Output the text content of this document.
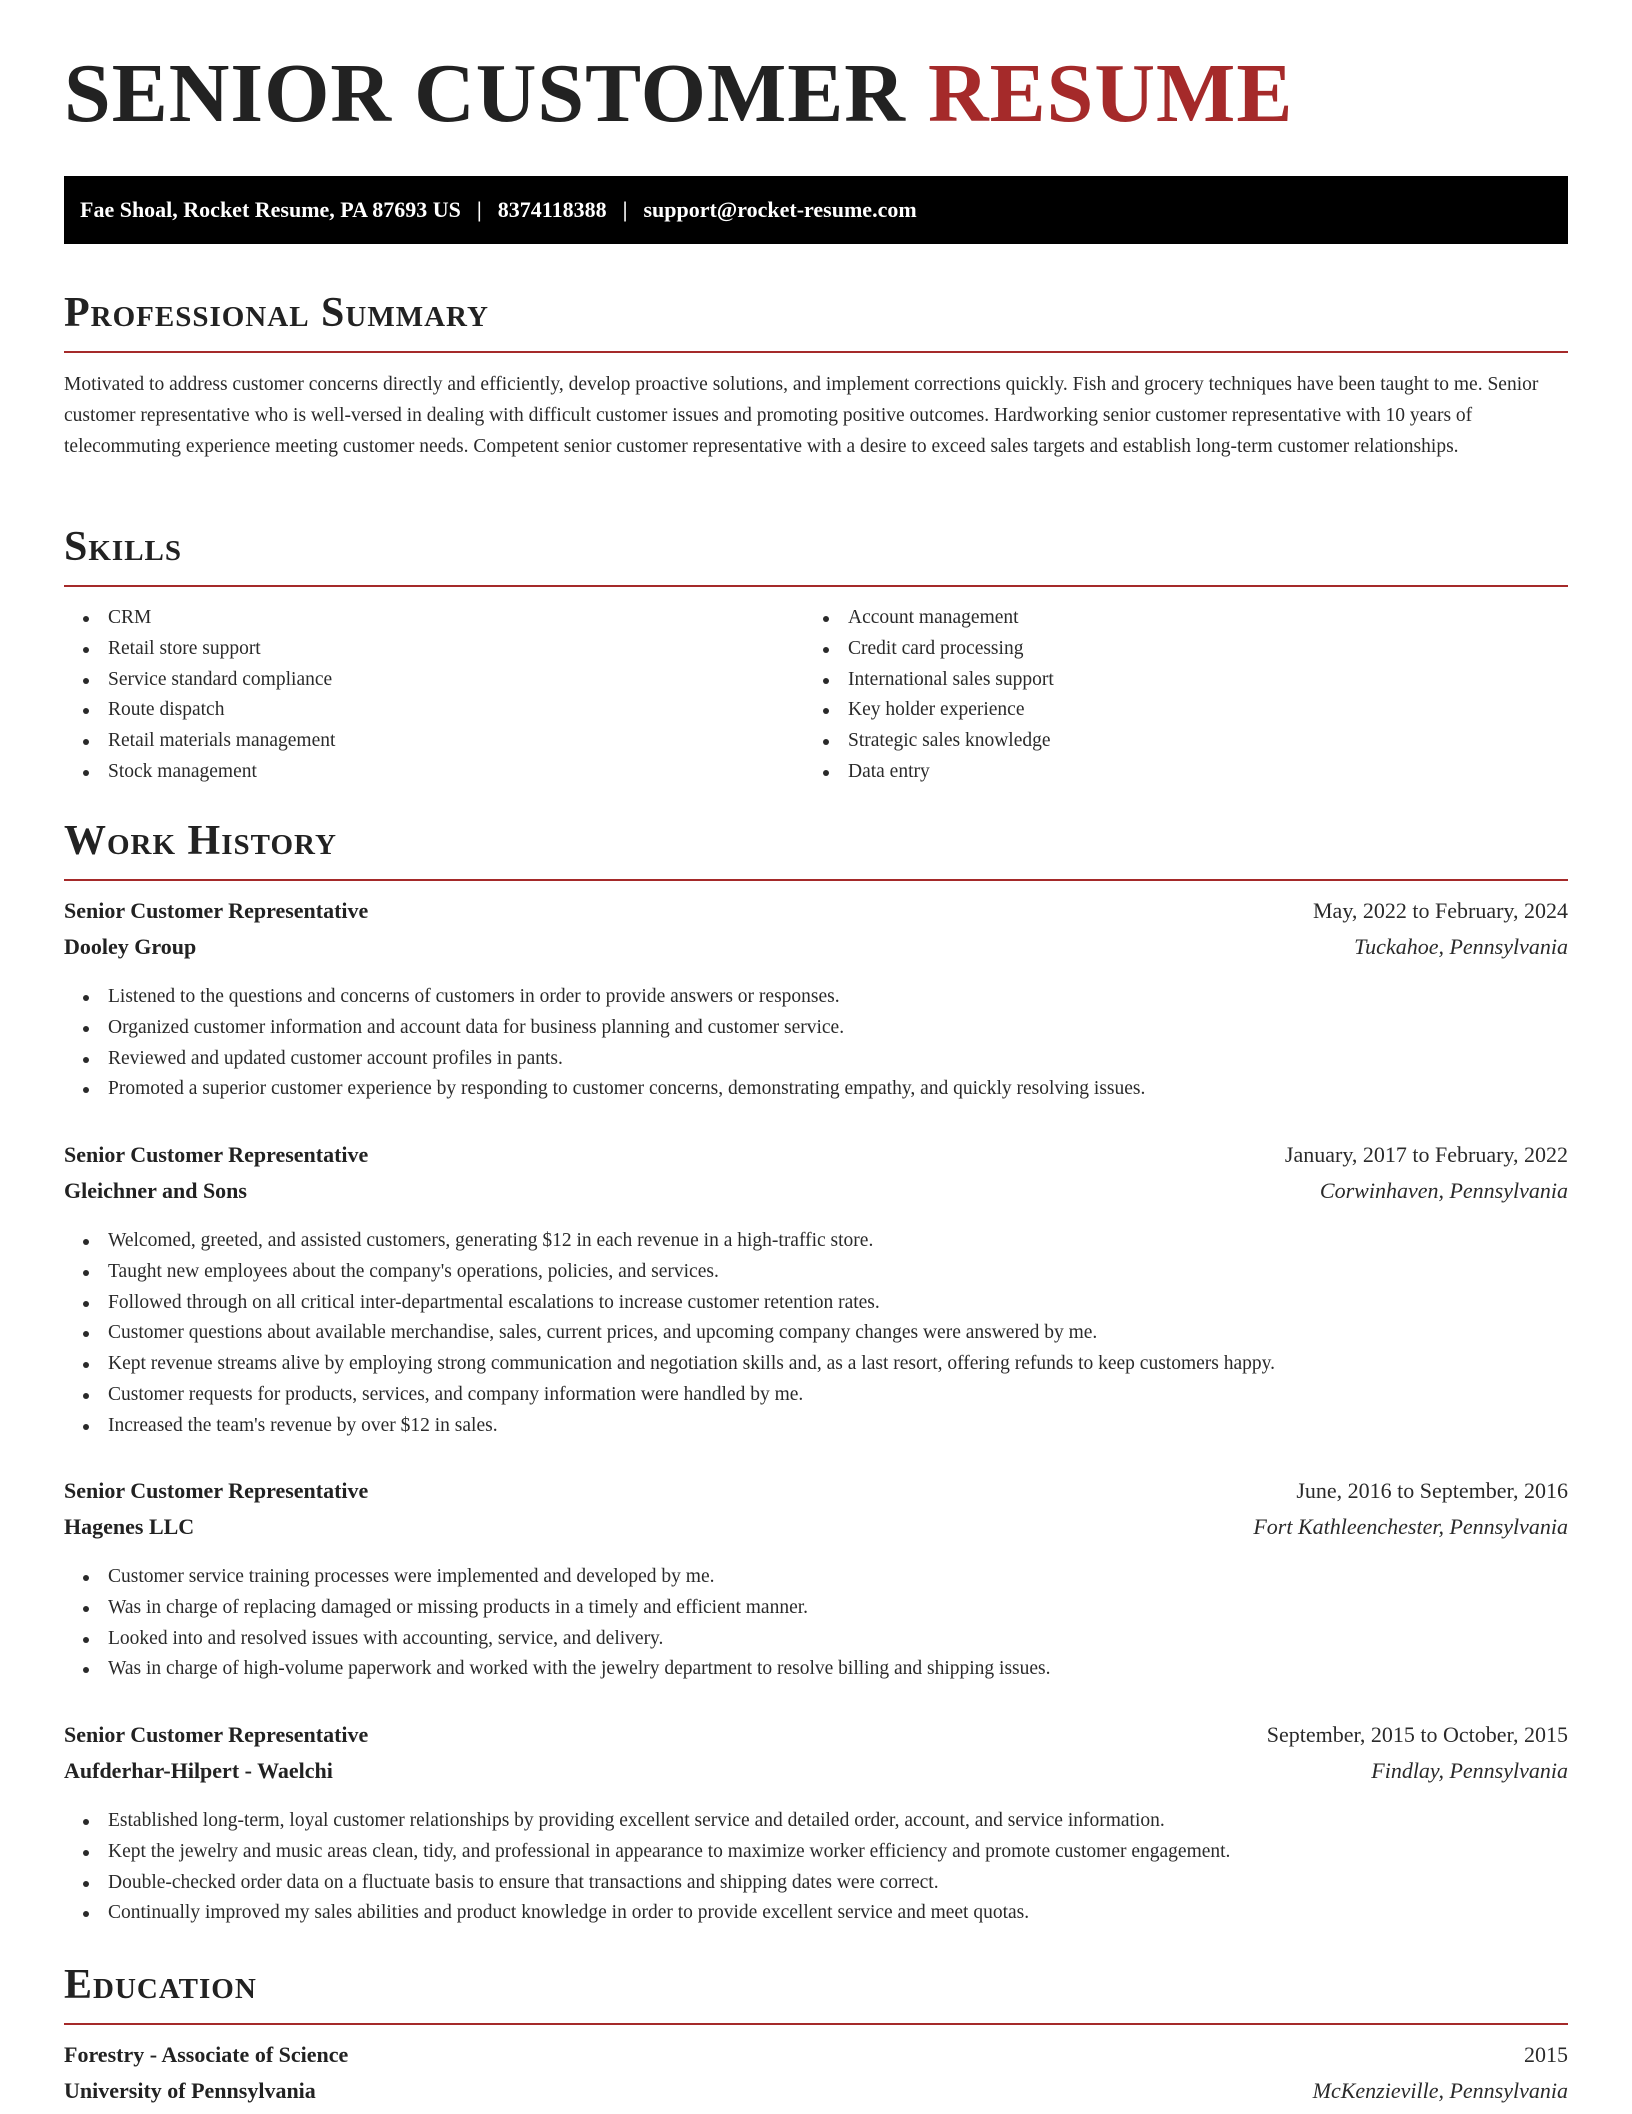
SENIOR CUSTOMER RESUME
Fae Shoal, Rocket Resume, PA 87693 US | 8374118388 | support@rocket-resume.com
Professional Summary

Motivated to address customer concerns directly and efficiently, develop proactive solutions, and implement corrections quickly. Fish and grocery techniques have been taught to me. Senior customer representative who is well-versed in dealing with difficult customer issues and promoting positive outcomes. Hardworking senior customer representative with 10 years of telecommuting experience meeting customer needs. Competent senior customer representative with a desire to exceed sales targets and establish long-term customer relationships.

Skills
CRM
Retail store support
Service standard compliance
Route dispatch
Retail materials management
Stock management
Account management
Credit card processing
International sales support
Key holder experience
Strategic sales knowledge
Data entry
Work History
Senior Customer Representative	May, 2022 to February, 2024
Dooley Group	Tuckahoe, Pennsylvania
Listened to the questions and concerns of customers in order to provide answers or responses.
Organized customer information and account data for business planning and customer service.
Reviewed and updated customer account profiles in pants.
Promoted a superior customer experience by responding to customer concerns, demonstrating empathy, and quickly resolving issues.
Senior Customer Representative	January, 2017 to February, 2022
Gleichner and Sons	Corwinhaven, Pennsylvania
Welcomed, greeted, and assisted customers, generating $12 in each revenue in a high-traffic store.
Taught new employees about the company's operations, policies, and services.
Followed through on all critical inter-departmental escalations to increase customer retention rates.
Customer questions about available merchandise, sales, current prices, and upcoming company changes were answered by me.
Kept revenue streams alive by employing strong communication and negotiation skills and, as a last resort, offering refunds to keep customers happy.
Customer requests for products, services, and company information were handled by me.
Increased the team's revenue by over $12 in sales.
Senior Customer Representative	June, 2016 to September, 2016
Hagenes LLC	Fort Kathleenchester, Pennsylvania
Customer service training processes were implemented and developed by me.
Was in charge of replacing damaged or missing products in a timely and efficient manner.
Looked into and resolved issues with accounting, service, and delivery.
Was in charge of high-volume paperwork and worked with the jewelry department to resolve billing and shipping issues.
Senior Customer Representative	September, 2015 to October, 2015
Aufderhar-Hilpert - Waelchi	Findlay, Pennsylvania
Established long-term, loyal customer relationships by providing excellent service and detailed order, account, and service information.
Kept the jewelry and music areas clean, tidy, and professional in appearance to maximize worker efficiency and promote customer engagement.
Double-checked order data on a fluctuate basis to ensure that transactions and shipping dates were correct.
Continually improved my sales abilities and product knowledge in order to provide excellent service and meet quotas.
Education
Forestry - Associate of Science	2015
University of Pennsylvania	McKenzieville, Pennsylvania
